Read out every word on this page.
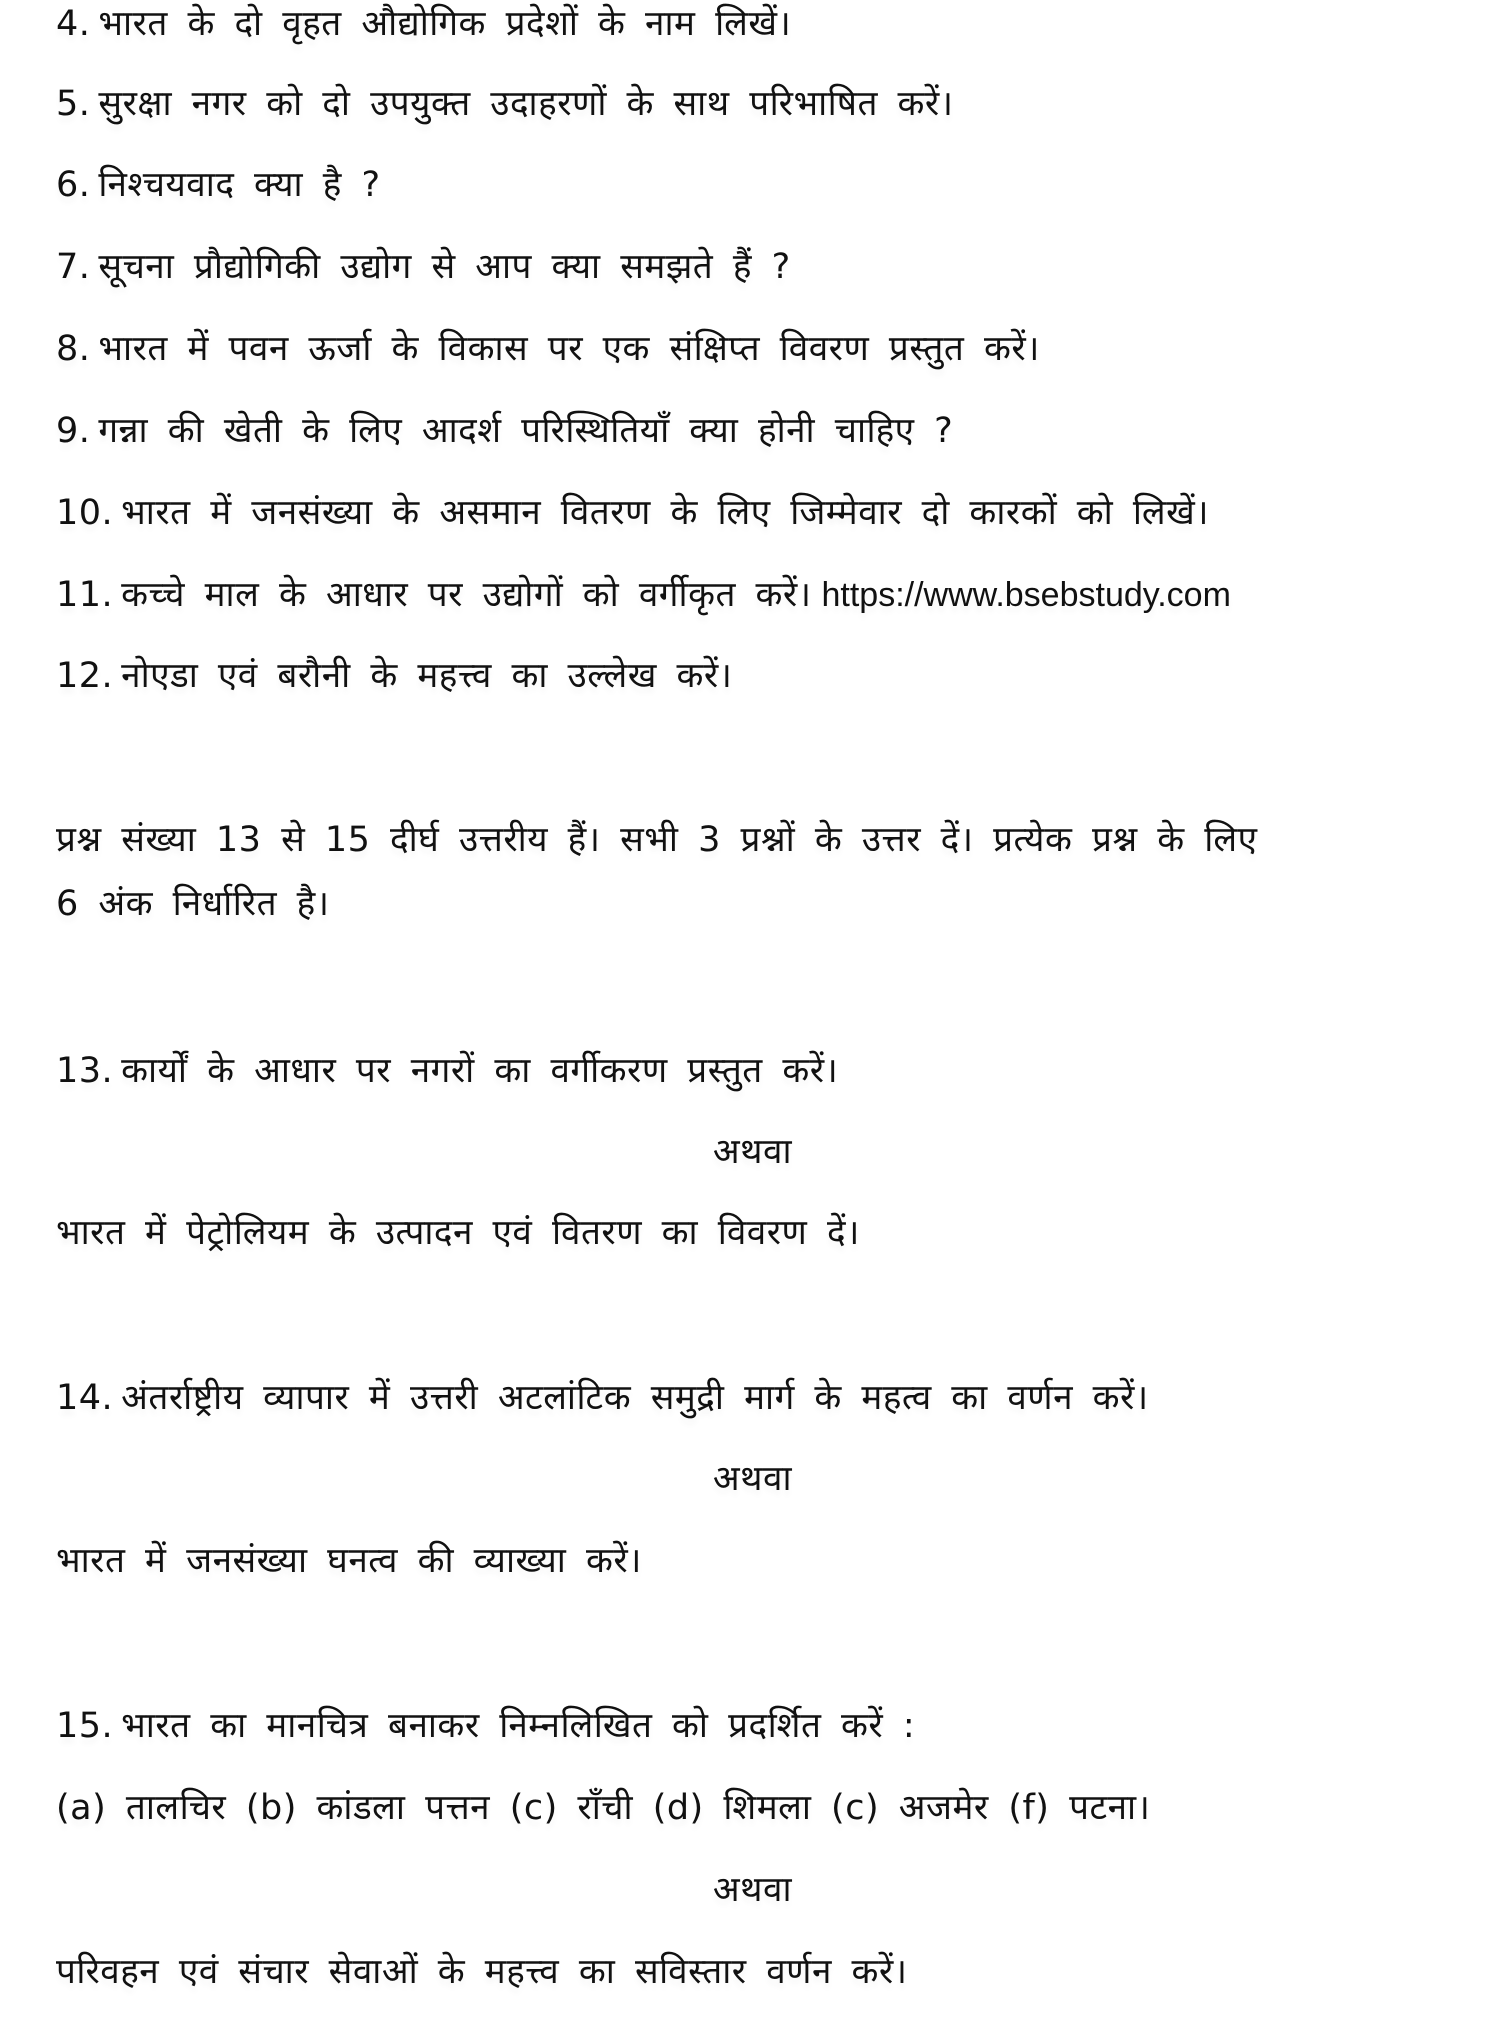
4. भारत के दो वृहत औद्योगिक प्रदेशों के नाम लिखें।
5. सुरक्षा नगर को दो उपयुक्त उदाहरणों के साथ परिभाषित करें।
6. निश्चयवाद क्या है ?
7. सूचना प्रौद्योगिकी उद्योग से आप क्या समझते हैं ?
8. भारत में पवन ऊर्जा के विकास पर एक संक्षिप्त विवरण प्रस्तुत करें।
9. गन्ना की खेती के लिए आदर्श परिस्थितियाँ क्या होनी चाहिए ?
10. भारत में जनसंख्या के असमान वितरण के लिए जिम्मेवार दो कारकों को लिखें।
11. कच्चे माल के आधार पर उद्योगों को वर्गीकृत करें। https://www.bsebstudy.com
12. नोएडा एवं बरौनी के महत्त्व का उल्लेख करें।
प्रश्न संख्या 13 से 15 दीर्घ उत्तरीय हैं। सभी 3 प्रश्नों के उत्तर दें। प्रत्येक प्रश्न के लिए
6 अंक निर्धारित है।
13. कार्यों के आधार पर नगरों का वर्गीकरण प्रस्तुत करें।
अथवा
भारत में पेट्रोलियम के उत्पादन एवं वितरण का विवरण दें।
14. अंतर्राष्ट्रीय व्यापार में उत्तरी अटलांटिक समुद्री मार्ग के महत्व का वर्णन करें।
अथवा
भारत में जनसंख्या घनत्व की व्याख्या करें।
15. भारत का मानचित्र बनाकर निम्नलिखित को प्रदर्शित करें :
(a) तालचिर (b) कांडला पत्तन (c) राँची (d) शिमला (c) अजमेर (f) पटना।
अथवा
परिवहन एवं संचार सेवाओं के महत्त्व का सविस्तार वर्णन करें।
